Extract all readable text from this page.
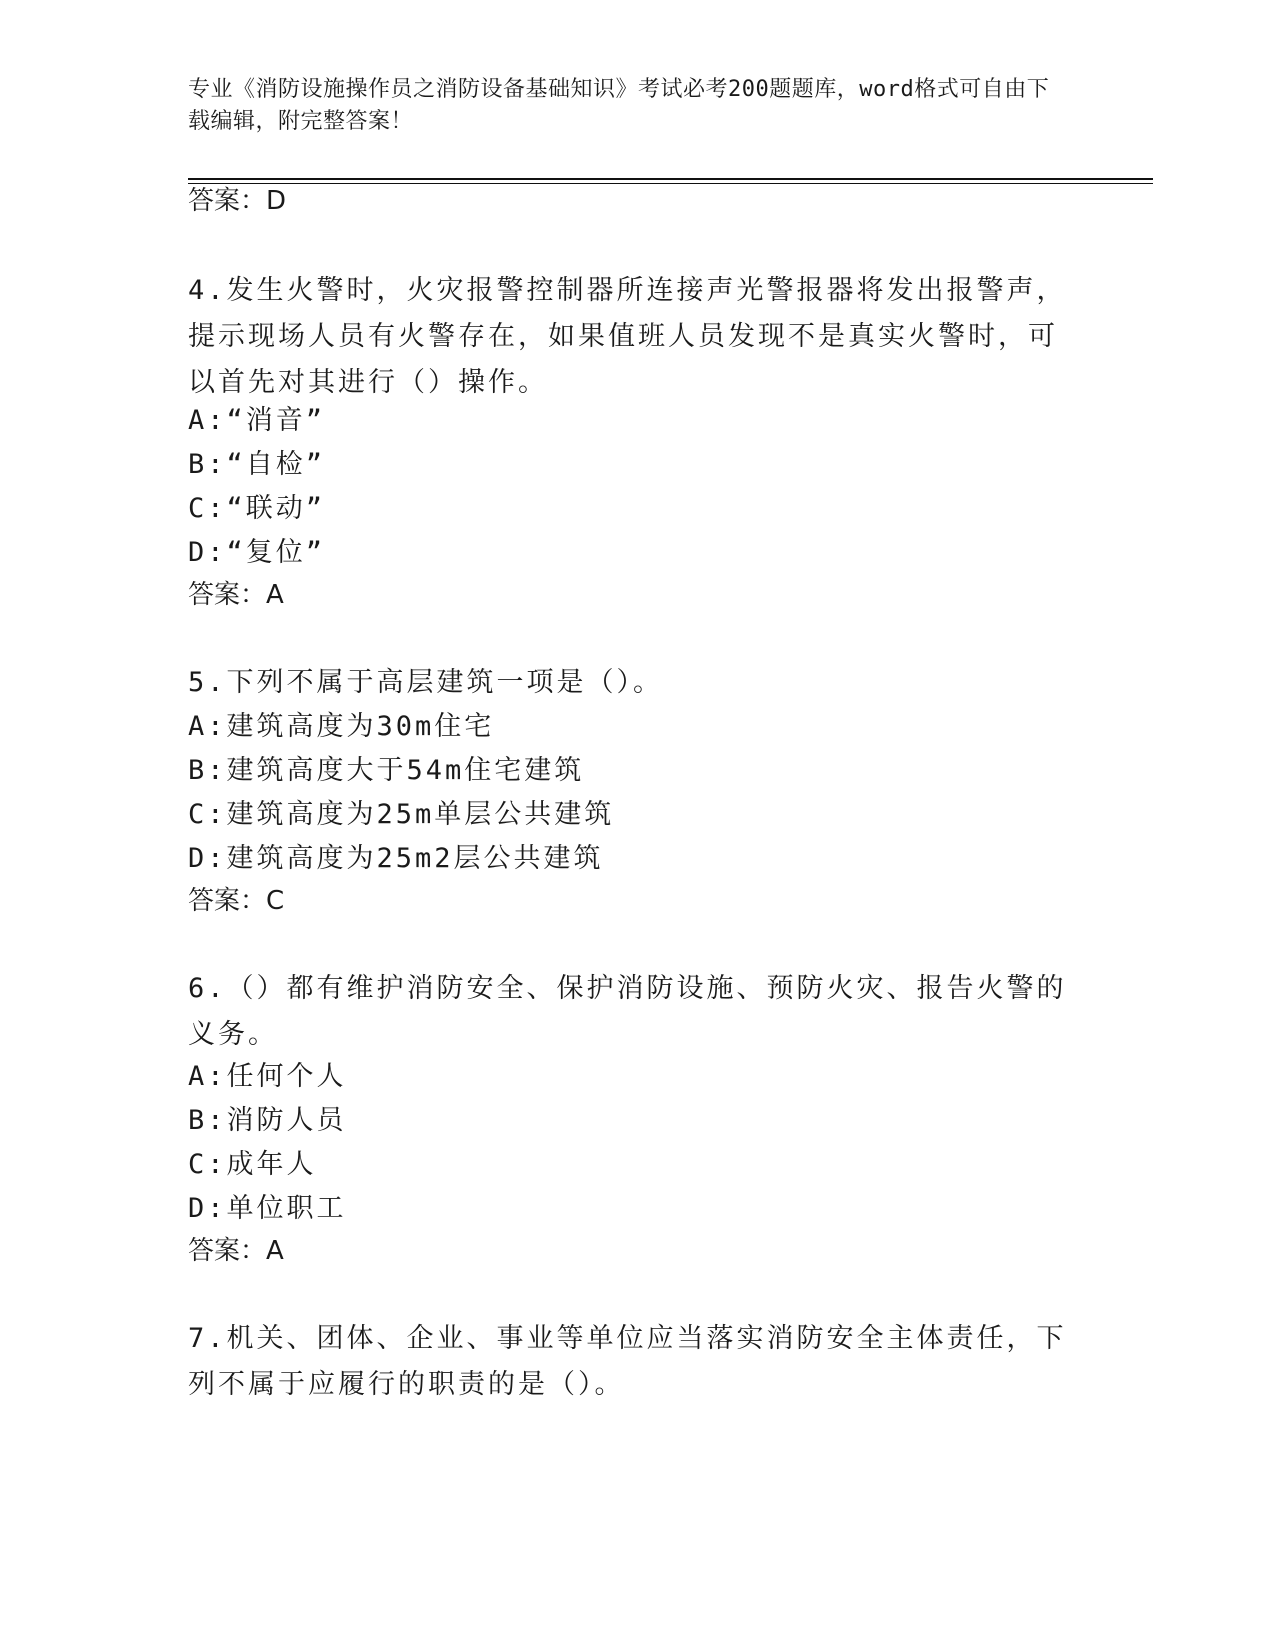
专业《消防设施操作员之消防设备基础知识》考试必考200题题库，word格式可自由下载编辑，附完整答案！
答案：D
4.发生火警时，火灾报警控制器所连接声光警报器将发出报警声，提示现场人员有火警存在，如果值班人员发现不是真实火警时，可以首先对其进行（）操作。
A:“消音”
B:“自检”
C:“联动”
D:“复位”
答案：A
5.下列不属于高层建筑一项是（）。
A:建筑高度为30m住宅
B:建筑高度大于54m住宅建筑
C:建筑高度为25m单层公共建筑
D:建筑高度为25m2层公共建筑
答案：C
6.（）都有维护消防安全、保护消防设施、预防火灾、报告火警的义务。
A:任何个人
B:消防人员
C:成年人
D:单位职工
答案：A
7.机关、团体、企业、事业等单位应当落实消防安全主体责任，下列不属于应履行的职责的是（）。
